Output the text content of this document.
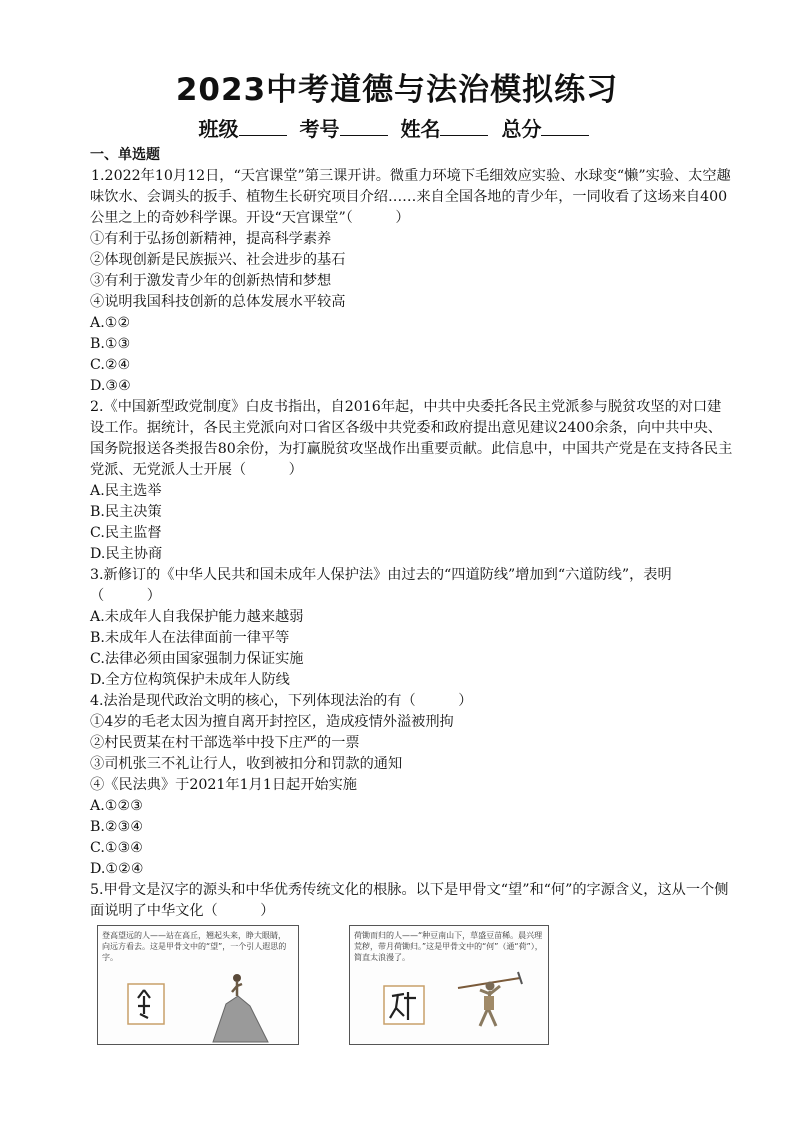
2023中考道德与法治模拟练习
班级	考号	姓名	总分

一、单选题

1.2022年10月12日，“天宫课堂”第三课开讲。微重力环境下毛细效应实验、水球变“懒”实验、太空趣味饮水、会调头的扳手、植物生长研究项目介绍……来自全国各地的青少年，一同收看了这场来自400公里之上的奇妙科学课。开设“天宫课堂”（　　　）

①有利于弘扬创新精神，提高科学素养

②体现创新是民族振兴、社会进步的基石

③有利于激发青少年的创新热情和梦想

④说明我国科技创新的总体发展水平较高

A.①②

B.①③

C.②④

D.③④

2.《中国新型政党制度》白皮书指出，自2016年起，中共中央委托各民主党派参与脱贫攻坚的对口建设工作。据统计，各民主党派向对口省区各级中共党委和政府提出意见建议2400余条，向中共中央、国务院报送各类报告80余份，为打赢脱贫攻坚战作出重要贡献。此信息中，中国共产党是在支持各民主党派、无党派人士开展（　　　）

A.民主选举

B.民主决策

C.民主监督

D.民主协商

3.新修订的《中华人民共和国未成年人保护法》由过去的“四道防线”增加到“六道防线”，表明（　　　）

A.未成年人自我保护能力越来越弱

B.未成年人在法律面前一律平等

C.法律必须由国家强制力保证实施

D.全方位构筑保护未成年人防线

4.法治是现代政治文明的核心，下列体现法治的有（　　　）

①4岁的毛老太因为擅自离开封控区，造成疫情外溢被刑拘

②村民贾某在村干部选举中投下庄严的一票

③司机张三不礼让行人，收到被扣分和罚款的通知

④《民法典》于2021年1月1日起开始实施

A.①②③

B.②③④

C.①③④

D.①②④

5.甲骨文是汉字的源头和中华优秀传统文化的根脉。以下是甲骨文“望”和“何”的字源含义，这从一个侧面说明了中华文化（　　　）

登高望远的人——站在高丘，翘起头来，睁大眼睛，向远方看去。这是甲骨文中的“望”，一个引人遐思的字。
荷锄而归的人——“种豆南山下，草盛豆苗稀。晨兴理荒秽，带月荷锄归。”这是甲骨文中的“何”（通“荷”），简直太浪漫了。
